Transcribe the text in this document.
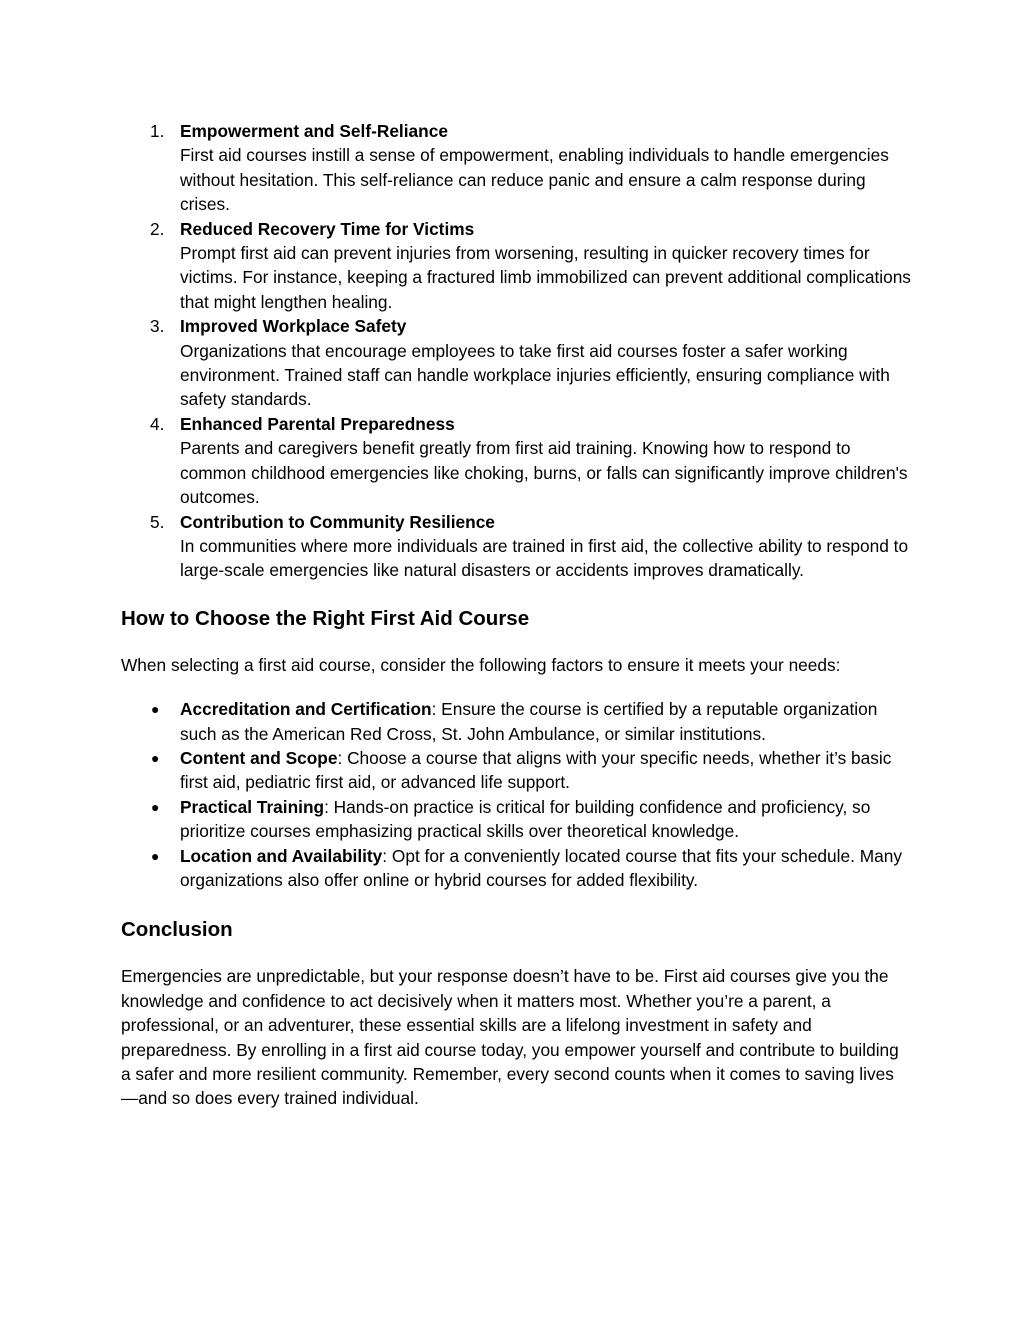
1. Empowerment and Self-Reliance
First aid courses instill a sense of empowerment, enabling individuals to handle emergencies without hesitation. This self-reliance can reduce panic and ensure a calm response during crises.
2. Reduced Recovery Time for Victims
Prompt first aid can prevent injuries from worsening, resulting in quicker recovery times for victims. For instance, keeping a fractured limb immobilized can prevent additional complications that might lengthen healing.
3. Improved Workplace Safety
Organizations that encourage employees to take first aid courses foster a safer working environment. Trained staff can handle workplace injuries efficiently, ensuring compliance with safety standards.
4. Enhanced Parental Preparedness
Parents and caregivers benefit greatly from first aid training. Knowing how to respond to common childhood emergencies like choking, burns, or falls can significantly improve children's outcomes.
5. Contribution to Community Resilience
In communities where more individuals are trained in first aid, the collective ability to respond to large-scale emergencies like natural disasters or accidents improves dramatically.
How to Choose the Right First Aid Course

When selecting a first aid course, consider the following factors to ensure it meets your needs:

● Accreditation and Certification: Ensure the course is certified by a reputable organization such as the American Red Cross, St. John Ambulance, or similar institutions.
● Content and Scope: Choose a course that aligns with your specific needs, whether it’s basic first aid, pediatric first aid, or advanced life support.
● Practical Training: Hands-on practice is critical for building confidence and proficiency, so prioritize courses emphasizing practical skills over theoretical knowledge.
● Location and Availability: Opt for a conveniently located course that fits your schedule. Many organizations also offer online or hybrid courses for added flexibility.
Conclusion

Emergencies are unpredictable, but your response doesn’t have to be. First aid courses give you the knowledge and confidence to act decisively when it matters most. Whether you’re a parent, a professional, or an adventurer, these essential skills are a lifelong investment in safety and preparedness. By enrolling in a first aid course today, you empower yourself and contribute to building a safer and more resilient community. Remember, every second counts when it comes to saving lives—and so does every trained individual.
